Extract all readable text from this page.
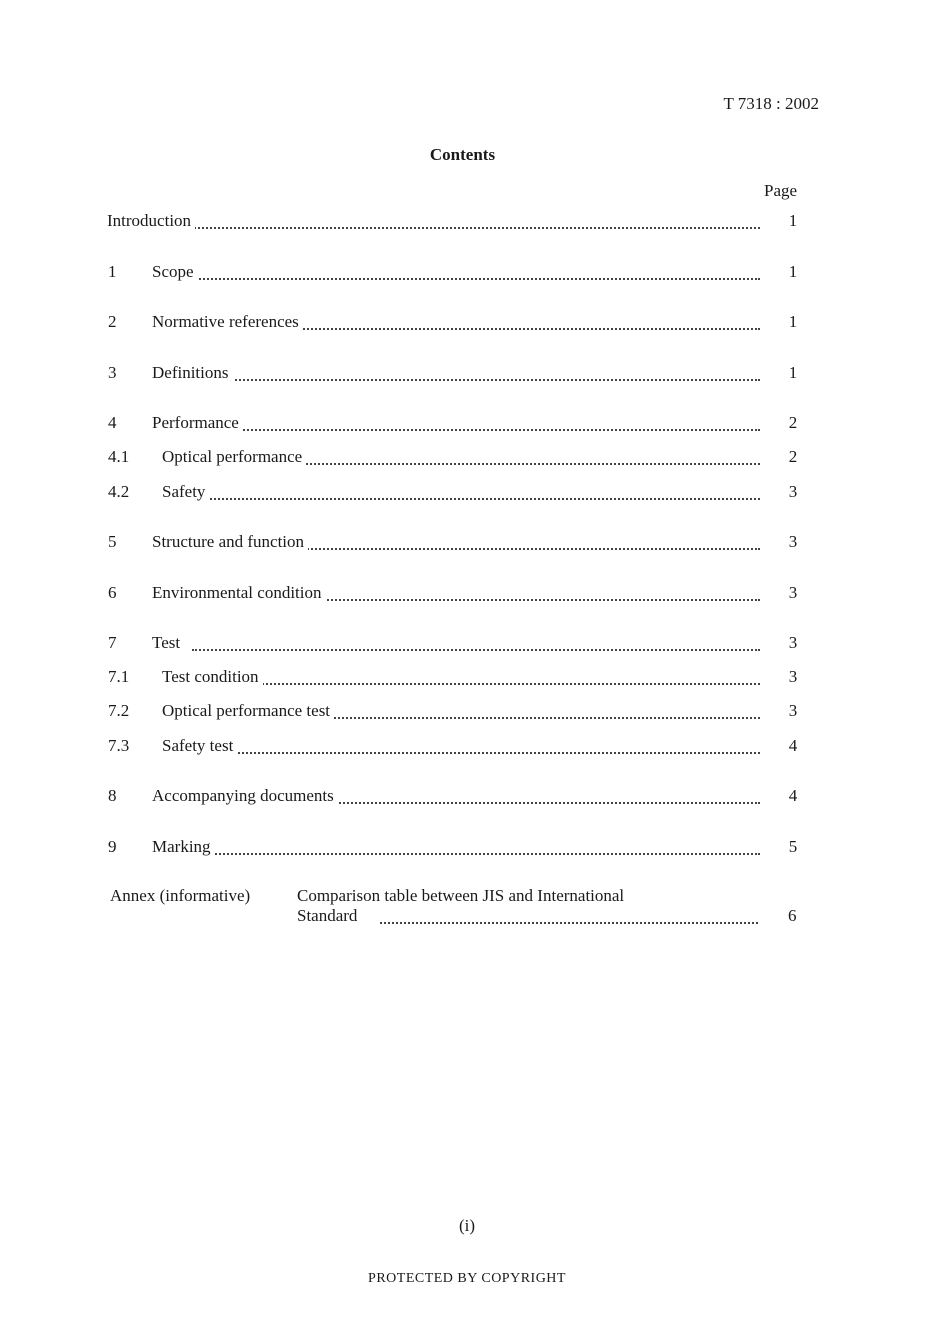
T 7318 : 2002
Contents
Page
Introduction	1
1 Scope	1
2 Normative references	1
3 Definitions	1
4 Performance	2
4.1 Optical performance	2
4.2 Safety	3
5 Structure and function	3
6 Environmental condition	3
7 Test	3
7.1 Test condition	3
7.2 Optical performance test	3
7.3 Safety test	4
8 Accompanying documents	4
9 Marking	5
Annex (informative)	Comparison table between JIS and International
Standard	6
(i)
PROTECTED BY COPYRIGHT
